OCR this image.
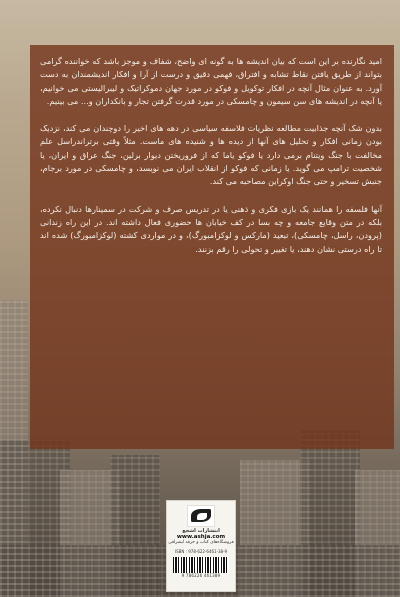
امید نگارنده بر این است که بیان اندیشه ها به گونه ای واضح، شفاف و موجز باشد که خواننده گرامی بتواند از طریق یافتن نقاط تشابه و افتراق، فهمی دقیق و درست از آرا و افکار اندیشمندان به دست آورد. به عنوان مثال آنچه در افکار توکویل و فوکو در مورد جهان دموکراتیک و لیبرالیستی می خوانیم، یا آنچه در اندیشه های سن سیمون و چامسکی در مورد قدرت گرفتن تجار و بانکداران و... می بینیم.

بدون شک آنچه جذابیت مطالعه نظریات فلاسفه سیاسی در دهه های اخیر را دوچندان می کند، نزدیک بودن زمانی افکار و تحلیل های آنها از دیده ها و شنیده های ماست. مثلاً وقتی برتراندراسل علم مخالفت با جنگ ویتنام برمی دارد یا فوکو یاما که از فروریختن دیوار برلین، جنگ عراق و ایران، یا شخصیت ترامپ می گوید. یا زمانی که فوکو از انقلاب ایران می نویسد، و چامسکی در مورد برجام، جنبش تسخیر و حتی جنگ اوکراین مصاحبه می کند.

آنها فلسفه را همانند یک بازی فکری و ذهنی یا در تدریس صرف و شرکت در سمینارها دنبال نکرده، بلکه در متن وقایع جامعه و چه بسا در کف خیابان ها حضوری فعال داشته اند. در این راه زندانی (پرودن، راسل، چامسکی)، تبعید (مارکس و لوکزامبورگ)، و در مواردی کشته (لوکزامبورگ) شده اند تا راه درستی نشان دهند، یا تغییر و تحولی را رقم بزنند.

انتشارات اشجع
www.ashja.com
فروشگاه‌های کتاب و حرفه ایشراقی
ISBN : 978-622-6461-38-9
9 786226 461389
